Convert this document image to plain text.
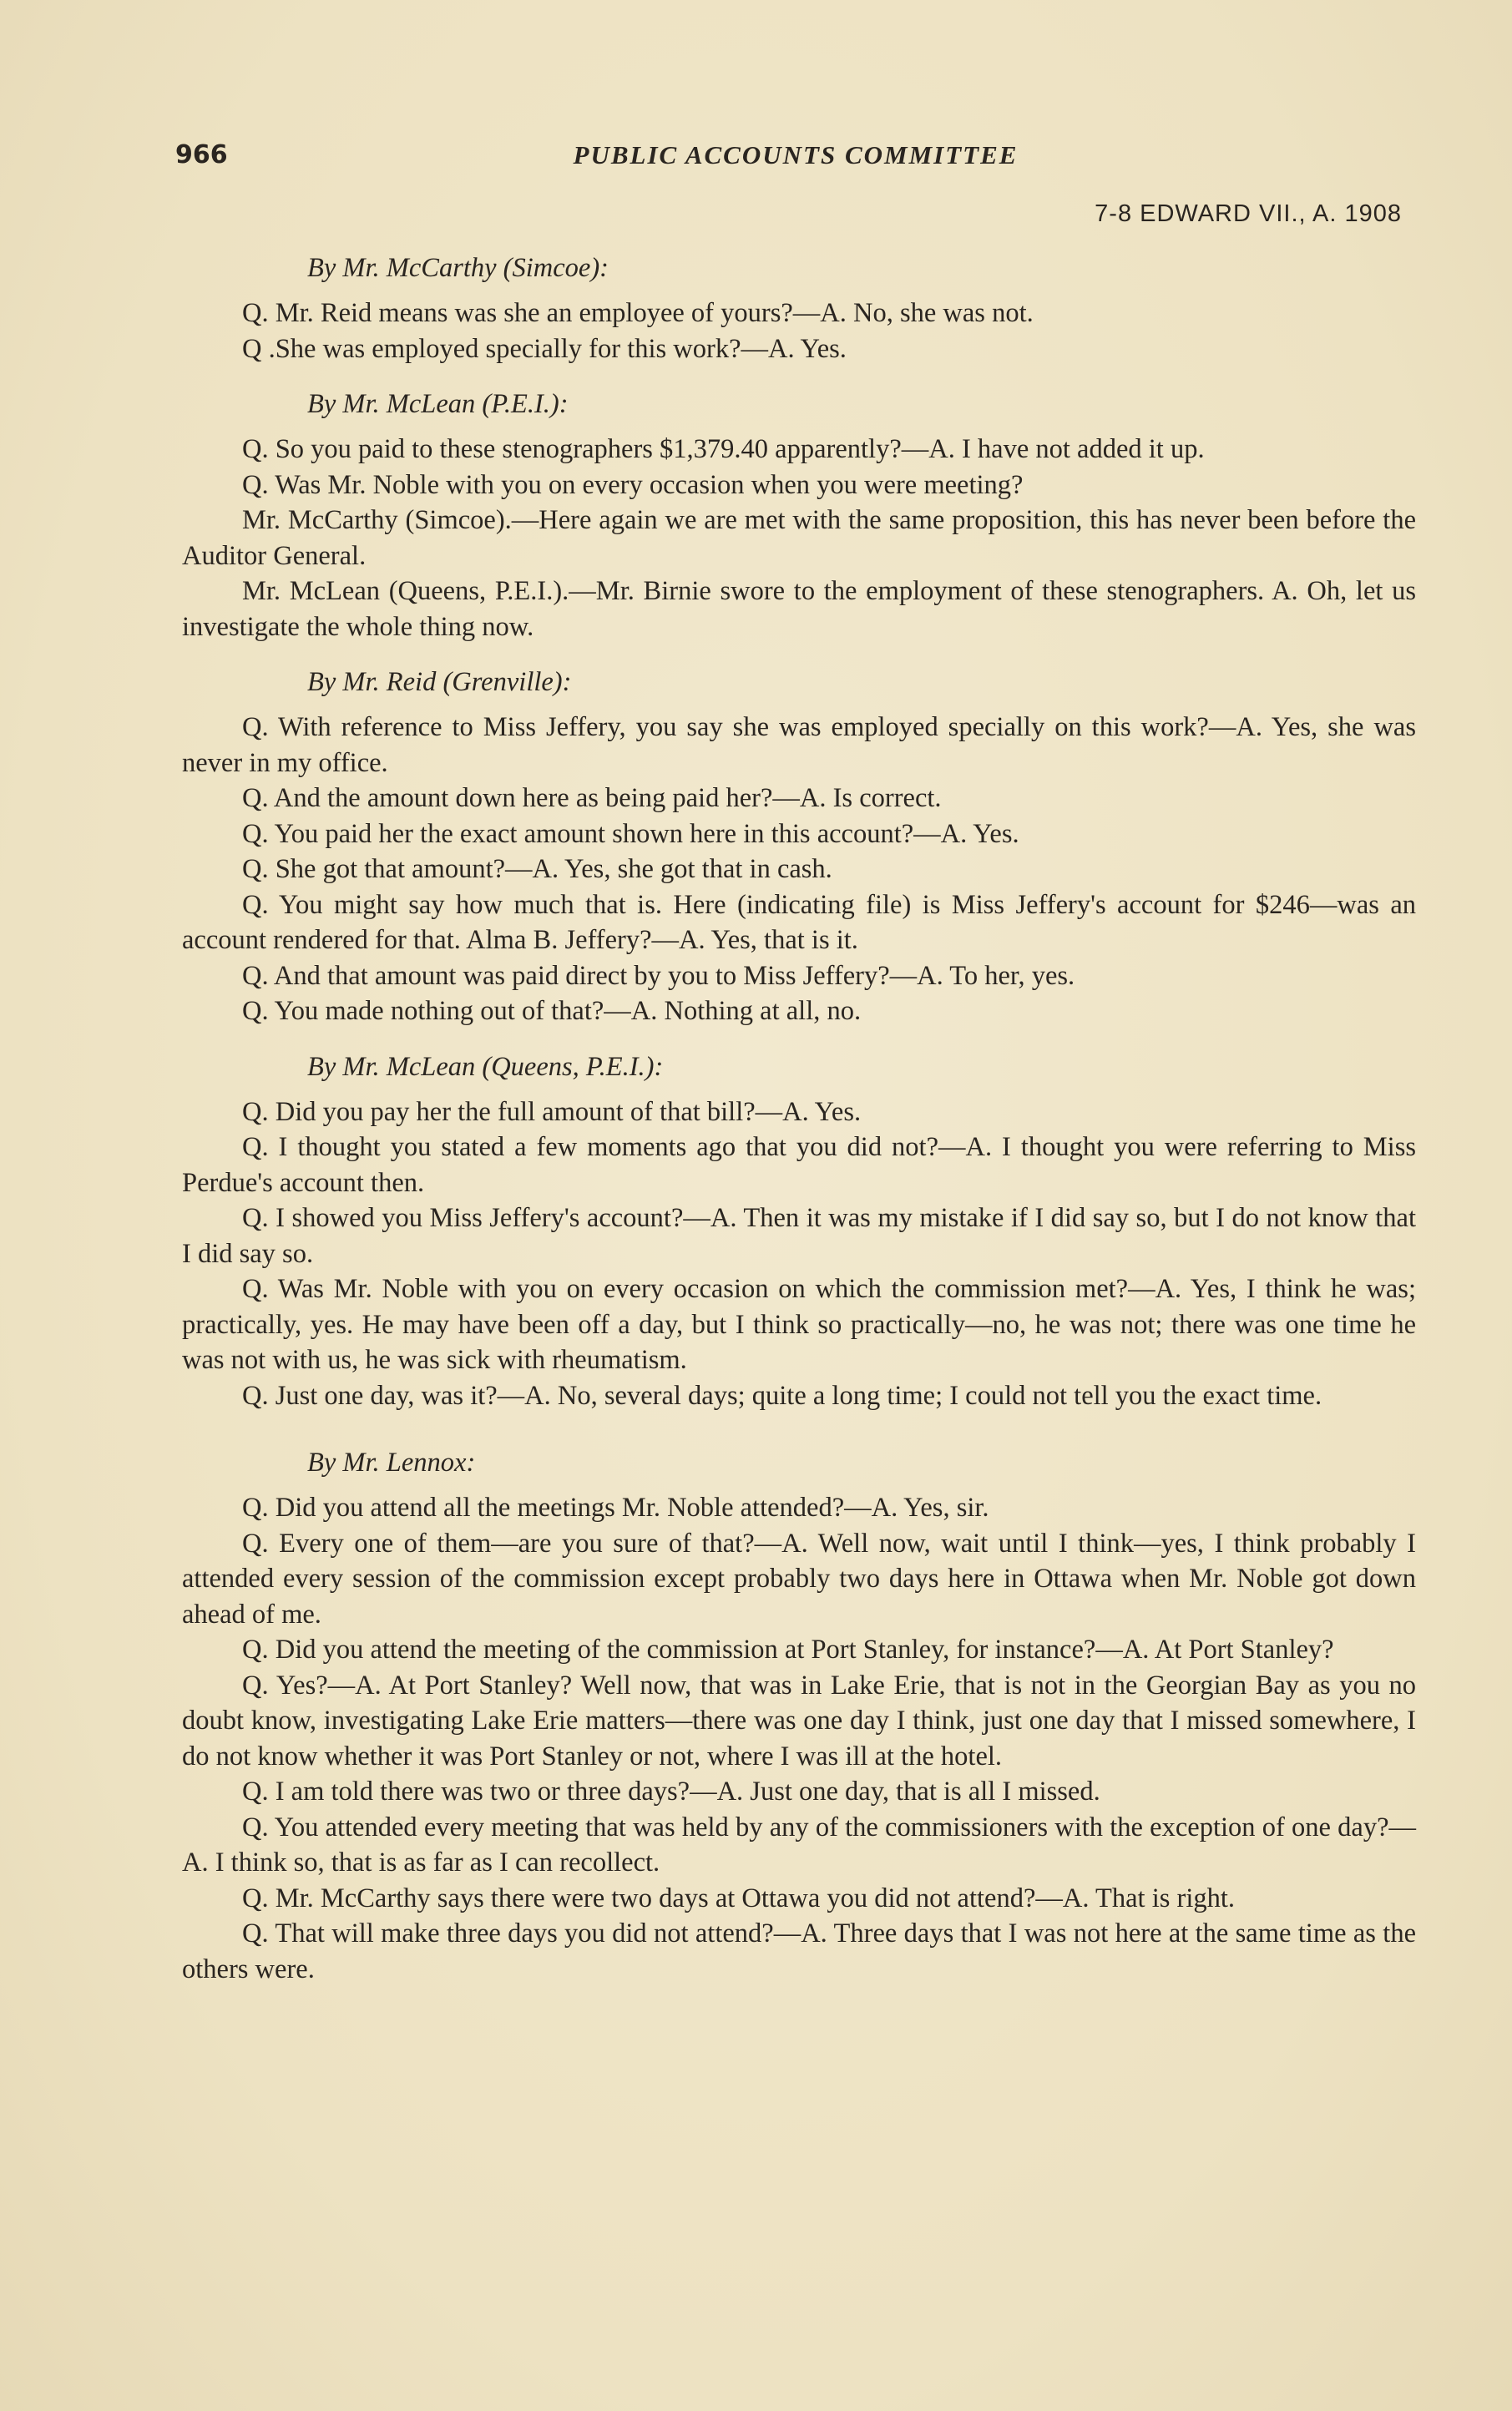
966	PUBLIC ACCOUNTS COMMITTEE
7-8 EDWARD VII., A. 1908
By Mr. McCarthy (Simcoe):

Q. Mr. Reid means was she an employee of yours?—A. No, she was not.

Q .She was employed specially for this work?—A. Yes.

By Mr. McLean (P.E.I.):

Q. So you paid to these stenographers $1,379.40 apparently?—A. I have not added it up.

Q. Was Mr. Noble with you on every occasion when you were meeting?

Mr. McCarthy (Simcoe).—Here again we are met with the same proposition, this has never been before the Auditor General.

Mr. McLean (Queens, P.E.I.).—Mr. Birnie swore to the employment of these stenographers. A. Oh, let us investigate the whole thing now.

By Mr. Reid (Grenville):

Q. With reference to Miss Jeffery, you say she was employed specially on this work?—A. Yes, she was never in my office.

Q. And the amount down here as being paid her?—A. Is correct.

Q. You paid her the exact amount shown here in this account?—A. Yes.

Q. She got that amount?—A. Yes, she got that in cash.

Q. You might say how much that is. Here (indicating file) is Miss Jeffery's account for $246—was an account rendered for that. Alma B. Jeffery?—A. Yes, that is it.

Q. And that amount was paid direct by you to Miss Jeffery?—A. To her, yes.

Q. You made nothing out of that?—A. Nothing at all, no.

By Mr. McLean (Queens, P.E.I.):

Q. Did you pay her the full amount of that bill?—A. Yes.

Q. I thought you stated a few moments ago that you did not?—A. I thought you were referring to Miss Perdue's account then.

Q. I showed you Miss Jeffery's account?—A. Then it was my mistake if I did say so, but I do not know that I did say so.

Q. Was Mr. Noble with you on every occasion on which the commission met?—A. Yes, I think he was; practically, yes. He may have been off a day, but I think so practically—no, he was not; there was one time he was not with us, he was sick with rheumatism.

Q. Just one day, was it?—A. No, several days; quite a long time; I could not tell you the exact time.

By Mr. Lennox:

Q. Did you attend all the meetings Mr. Noble attended?—A. Yes, sir.

Q. Every one of them—are you sure of that?—A. Well now, wait until I think—yes, I think probably I attended every session of the commission except probably two days here in Ottawa when Mr. Noble got down ahead of me.

Q. Did you attend the meeting of the commission at Port Stanley, for instance?—A. At Port Stanley?

Q. Yes?—A. At Port Stanley? Well now, that was in Lake Erie, that is not in the Georgian Bay as you no doubt know, investigating Lake Erie matters—there was one day I think, just one day that I missed somewhere, I do not know whether it was Port Stanley or not, where I was ill at the hotel.

Q. I am told there was two or three days?—A. Just one day, that is all I missed.

Q. You attended every meeting that was held by any of the commissioners with the exception of one day?—A. I think so, that is as far as I can recollect.

Q. Mr. McCarthy says there were two days at Ottawa you did not attend?—A. That is right.

Q. That will make three days you did not attend?—A. Three days that I was not here at the same time as the others were.
